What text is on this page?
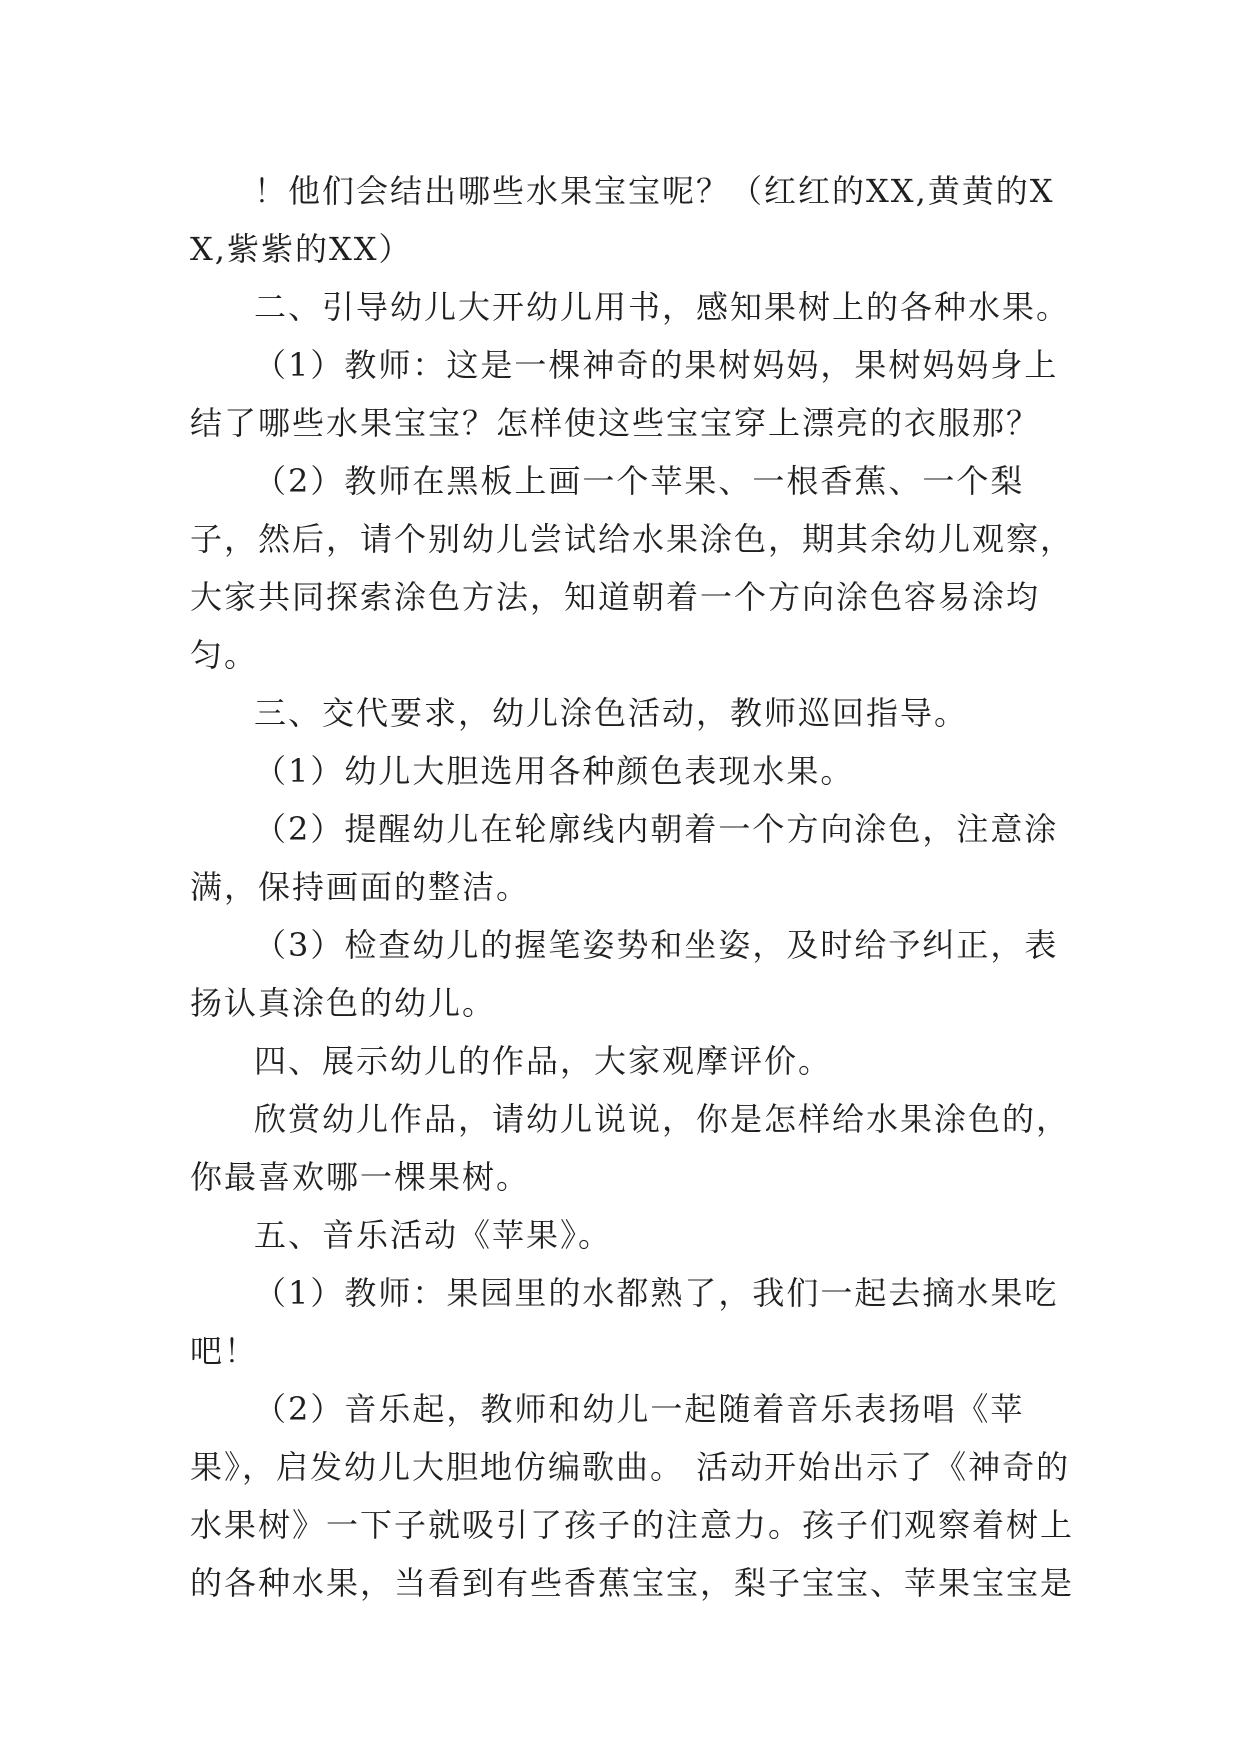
！他们会结出哪些水果宝宝呢？（红红的XX,黄黄的XX,紫紫的XX）

二、引导幼儿大开幼儿用书，感知果树上的各种水果。

（1）教师：这是一棵神奇的果树妈妈，果树妈妈身上结了哪些水果宝宝？怎样使这些宝宝穿上漂亮的衣服那？

（2）教师在黑板上画一个苹果、一根香蕉、一个梨子，然后，请个别幼儿尝试给水果涂色，期其余幼儿观察，大家共同探索涂色方法，知道朝着一个方向涂色容易涂均匀。

三、交代要求，幼儿涂色活动，教师巡回指导。

（1）幼儿大胆选用各种颜色表现水果。

（2）提醒幼儿在轮廓线内朝着一个方向涂色，注意涂满，保持画面的整洁。

（3）检查幼儿的握笔姿势和坐姿，及时给予纠正，表扬认真涂色的幼儿。

四、展示幼儿的作品，大家观摩评价。

欣赏幼儿作品，请幼儿说说，你是怎样给水果涂色的，你最喜欢哪一棵果树。

五、音乐活动《苹果》。

（1）教师：果园里的水都熟了，我们一起去摘水果吃吧！

（2）音乐起，教师和幼儿一起随着音乐表扬唱《苹果》，启发幼儿大胆地仿编歌曲。 活动开始出示了《神奇的水果树》一下子就吸引了孩子的注意力。孩子们观察着树上的各种水果，当看到有些香蕉宝宝，梨子宝宝、苹果宝宝是
